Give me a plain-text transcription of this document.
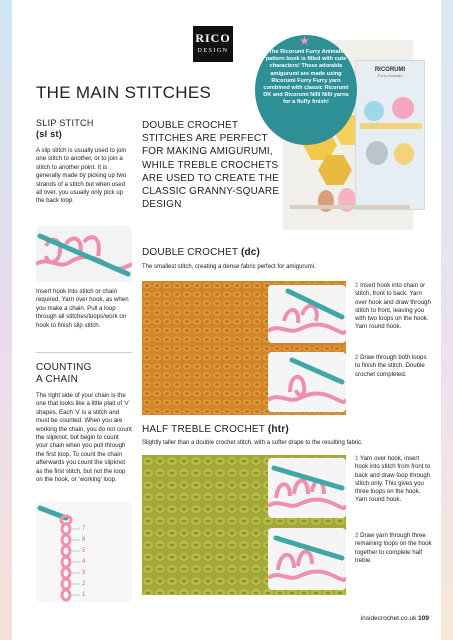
RICO
DESIGN
THE MAIN STITCHES
RICORUMI
Furry Animals
★
The Ricorumi Furry Animals pattern book is filled with cute characters! These adorable amigurumi are made using Ricorumi Furry Furry yarn combined with classic Ricorumi DK and Ricorumi Nilli Nilli yarns for a fluffy finish!
SLIP STITCH
(sl st)
A slip stitch is usually used to join one stitch to another, or to join a stitch to another point. It is generally made by picking up two strands of a stitch but when used all over, you usually only pick up the back loop.
Insert hook into stitch or chain required. Yarn over hook, as when you make a chain. Pull a loop through all stitches/loops/work on hook to finish slip stitch.
COUNTING
A CHAIN
The right side of your chain is the one that looks like a little plait of ‘v’ shapes. Each ‘v’ is a stitch and must be counted. When you are working the chain, you do not count the slipknot, but begin to count your chain when you pull through the first loop. To count the chain afterwards you count the slipknot as the first stitch, but not the loop on the hook, or ‘working’ loop.
7
6
5
4
3
2
1
DOUBLE CROCHET STITCHES ARE PERFECT FOR MAKING AMIGURUMI, WHILE TREBLE CROCHETS ARE USED TO CREATE THE CLASSIC GRANNY-SQUARE DESIGN
DOUBLE CROCHET (dc)
The smallest stitch, creating a dense fabric perfect for amigurumi.
1 Insert hook into chain or stitch, front to back. Yarn over hook and draw through stitch to front, leaving you with two loops on the hook. Yarn round hook.
2 Draw through both loops to finish the stitch. Double crochet completed.
HALF TREBLE CROCHET (htr)
Slightly taller than a double crochet stitch, with a softer drape to the resulting fabric.
1 Yarn over hook, insert hook into stitch from front to back and draw loop through stitch only. This gives you three loops on the hook. Yarn round hook.
2 Draw yarn through three remaining loops on the hook together to complete half treble.
insidecrochet.co.uk 109
